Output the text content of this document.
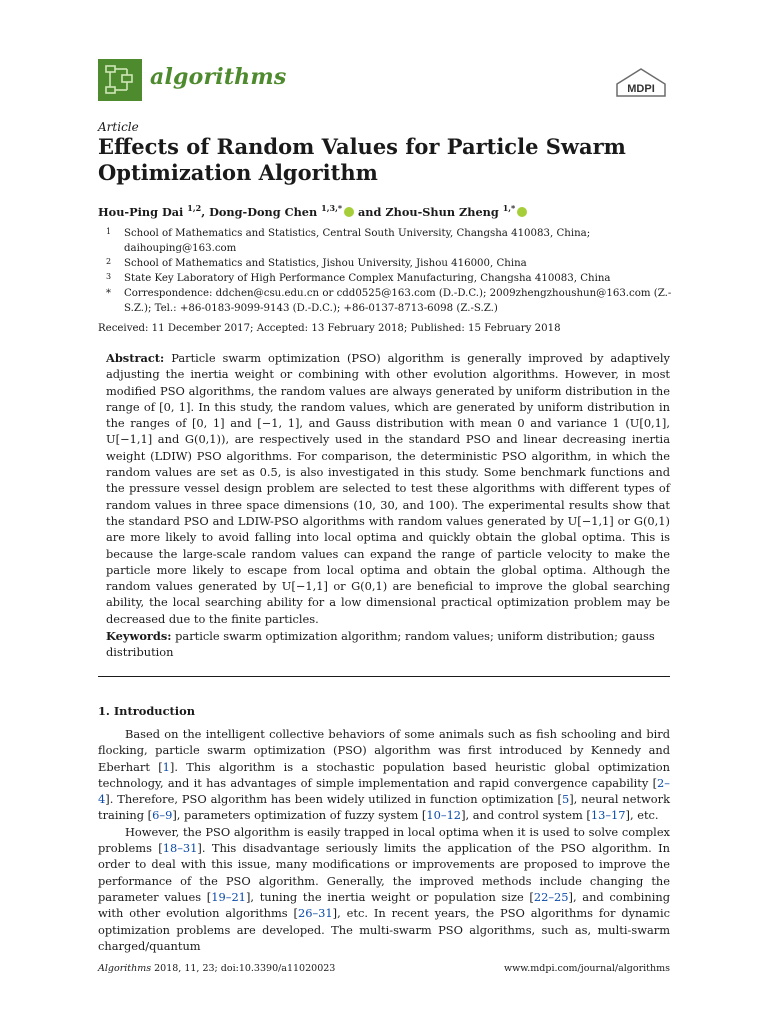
algorithms	MDPI
Article
Effects of Random Values for Particle Swarm Optimization Algorithm
Hou-Ping Dai $^{1,2}$, Dong-Dong Chen $^{1,3,*}$ and Zhou-Shun Zheng $^{1,*}$
1 School of Mathematics and Statistics, Central South University, Changsha 410083, China; daihouping@163.com
2 School of Mathematics and Statistics, Jishou University, Jishou 416000, China
3 State Key Laboratory of High Performance Complex Manufacturing, Changsha 410083, China
* Correspondence: ddchen@csu.edu.cn or cdd0525@163.com (D.-D.C.); 2009zhengzhoushun@163.com (Z.-S.Z.); Tel.: +86-0183-9099-9143 (D.-D.C.); +86-0137-8713-6098 (Z.-S.Z.)
Received: 11 December 2017; Accepted: 13 February 2018; Published: 15 February 2018
Abstract: Particle swarm optimization (PSO) algorithm is generally improved by adaptively adjusting the inertia weight or combining with other evolution algorithms. However, in most modified PSO algorithms, the random values are always generated by uniform distribution in the range of [0, 1]. In this study, the random values, which are generated by uniform distribution in the ranges of [0, 1] and [−1, 1], and Gauss distribution with mean 0 and variance 1 (U[0,1], U[−1,1] and G(0,1)), are respectively used in the standard PSO and linear decreasing inertia weight (LDIW) PSO algorithms. For comparison, the deterministic PSO algorithm, in which the random values are set as 0.5, is also investigated in this study. Some benchmark functions and the pressure vessel design problem are selected to test these algorithms with different types of random values in three space dimensions (10, 30, and 100). The experimental results show that the standard PSO and LDIW-PSO algorithms with random values generated by U[−1,1] or G(0,1) are more likely to avoid falling into local optima and quickly obtain the global optima. This is because the large-scale random values can expand the range of particle velocity to make the particle more likely to escape from local optima and obtain the global optima. Although the random values generated by U[−1,1] or G(0,1) are beneficial to improve the global searching ability, the local searching ability for a low dimensional practical optimization problem may be decreased due to the finite particles.
Keywords: particle swarm optimization algorithm; random values; uniform distribution; gauss distribution
1. Introduction

Based on the intelligent collective behaviors of some animals such as fish schooling and bird flocking, particle swarm optimization (PSO) algorithm was first introduced by Kennedy and Eberhart [1]. This algorithm is a stochastic population based heuristic global optimization technology, and it has advantages of simple implementation and rapid convergence capability [2–4]. Therefore, PSO algorithm has been widely utilized in function optimization [5], neural network training [6–9], parameters optimization of fuzzy system [10–12], and control system [13–17], etc.

However, the PSO algorithm is easily trapped in local optima when it is used to solve complex problems [18–31]. This disadvantage seriously limits the application of the PSO algorithm. In order to deal with this issue, many modifications or improvements are proposed to improve the performance of the PSO algorithm. Generally, the improved methods include changing the parameter values [19–21], tuning the inertia weight or population size [22–25], and combining with other evolution algorithms [26–31], etc. In recent years, the PSO algorithms for dynamic optimization problems are developed. The multi-swarm PSO algorithms, such as, multi-swarm charged/quantum

Algorithms 2018, 11, 23; doi:10.3390/a11020023	www.mdpi.com/journal/algorithms
